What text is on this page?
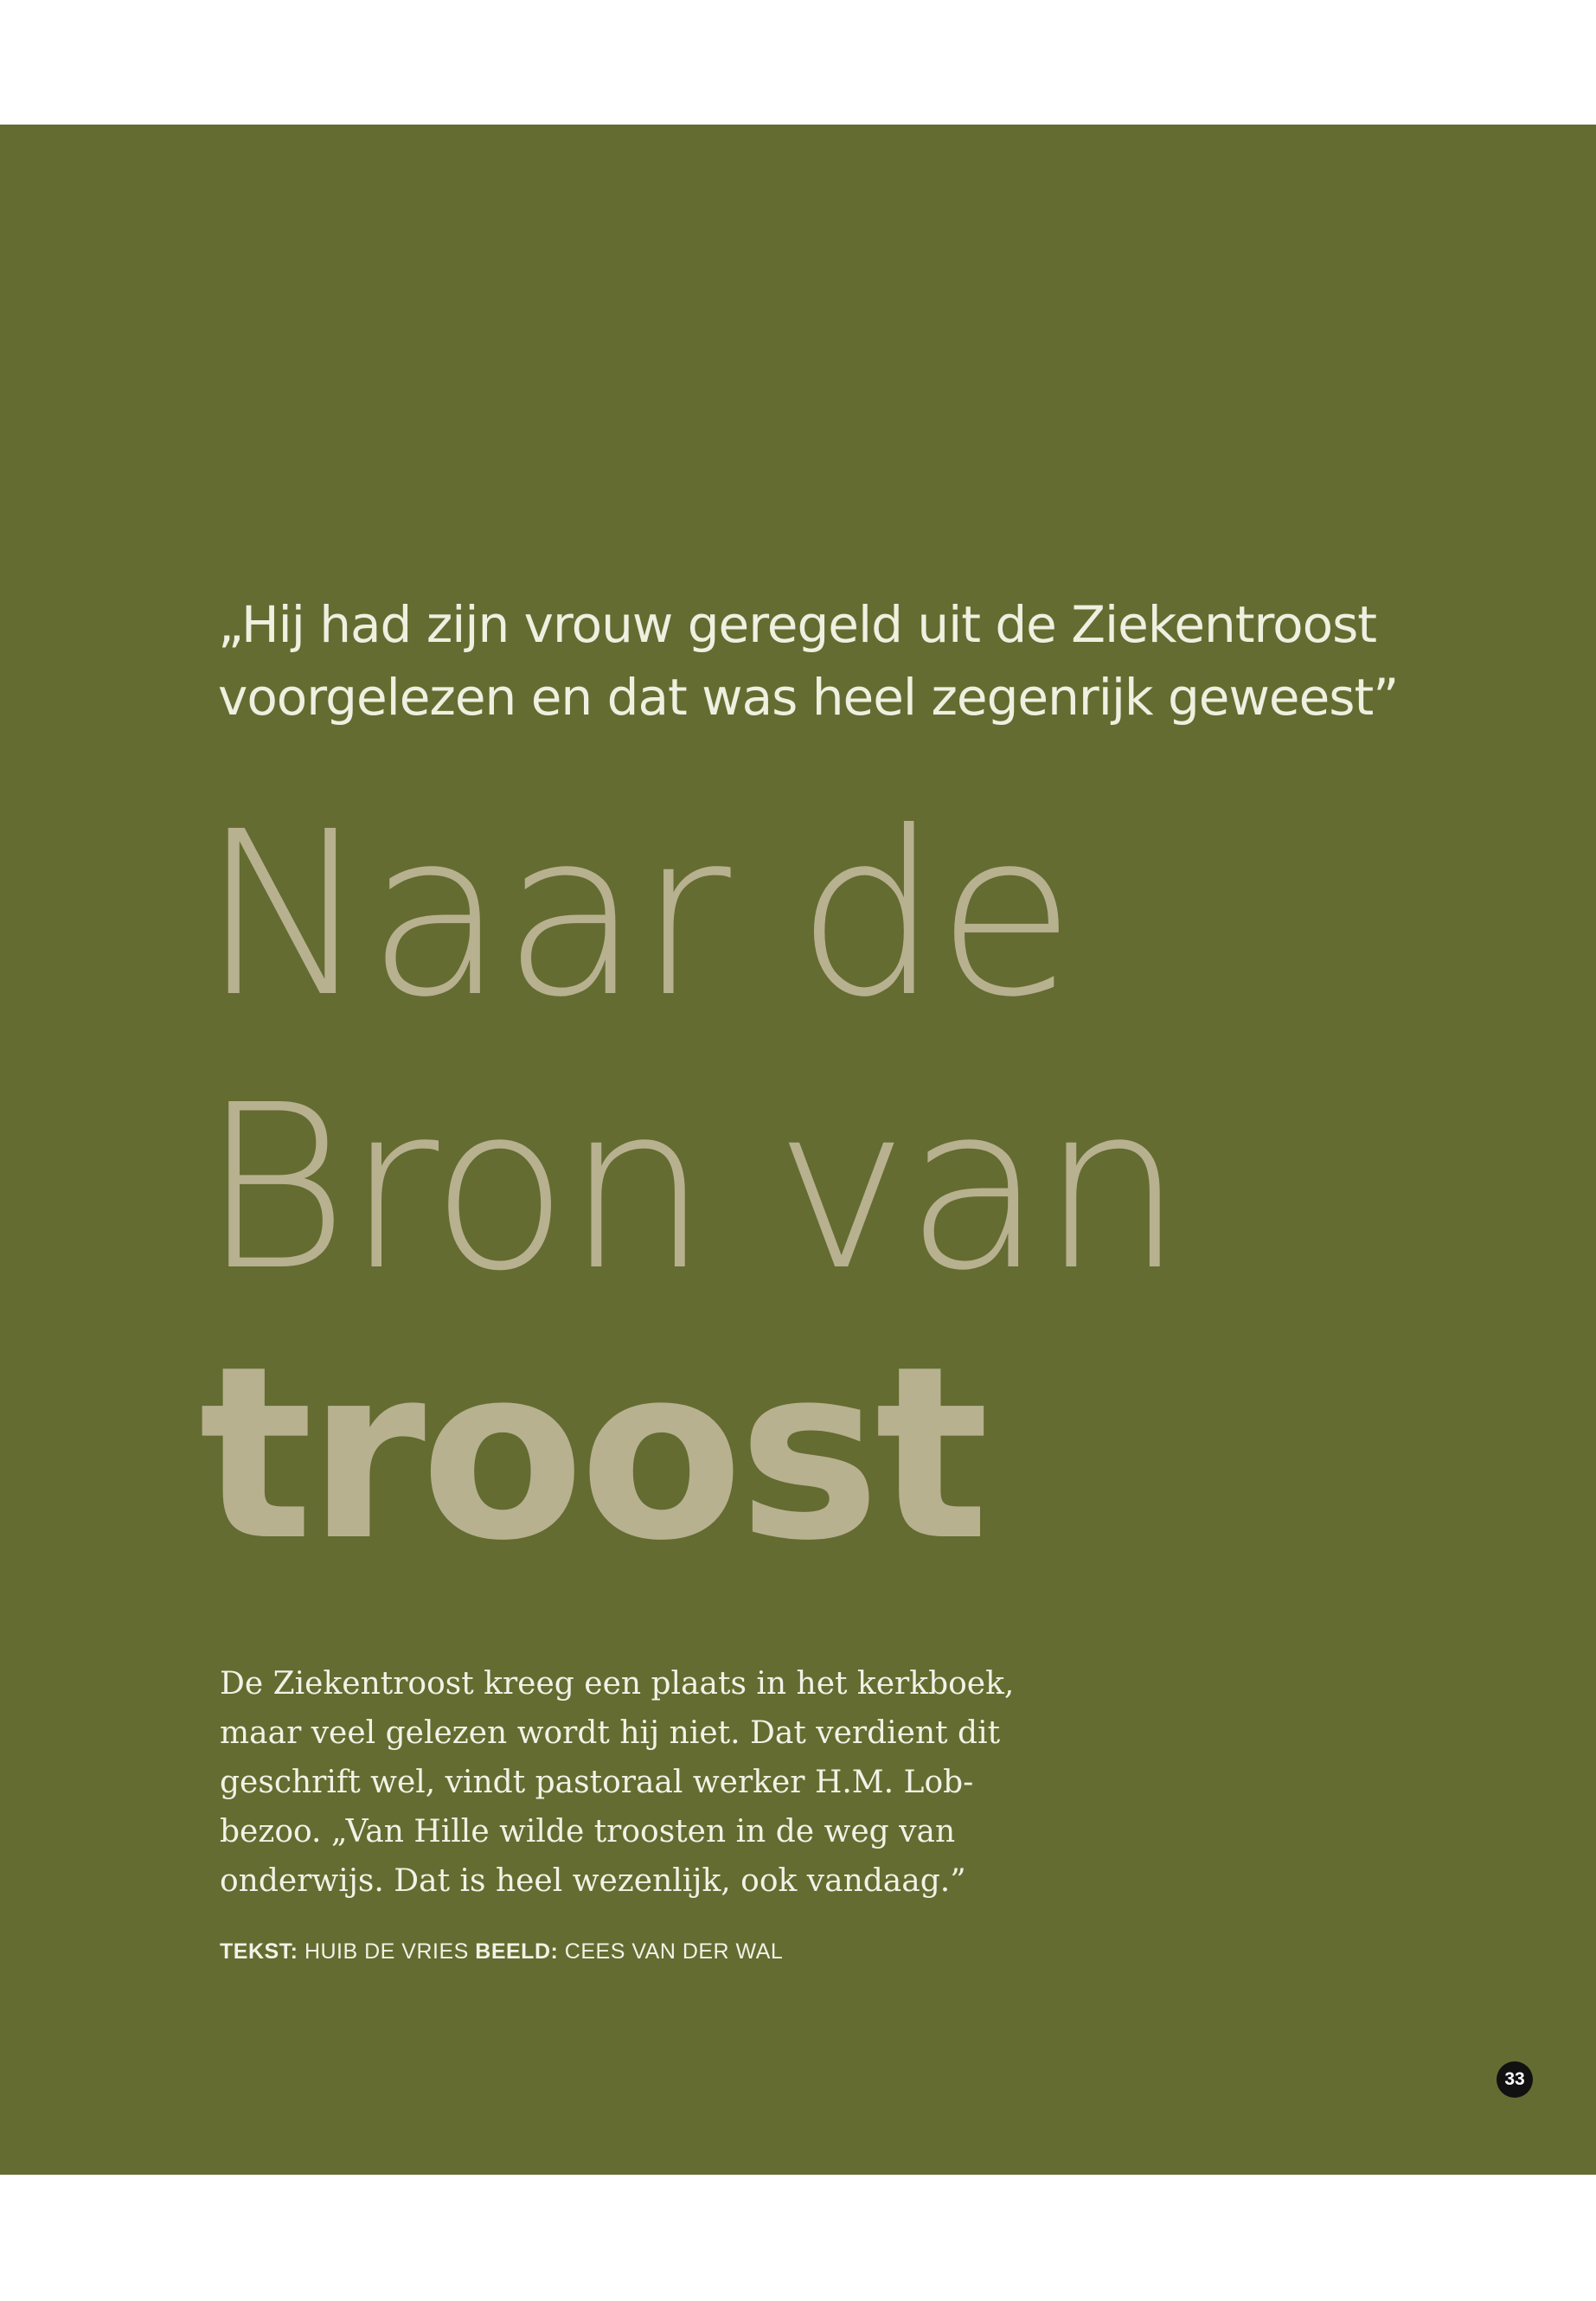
„Hij had zijn vrouw geregeld uit de Ziekentroost
voorgelezen en dat was heel zegenrijk geweest”

Naar de
Bron van
troost

De Ziekentroost kreeg een plaats in het kerkboek,
maar veel gelezen wordt hij niet. Dat verdient dit
geschrift wel, vindt pastoraal werker H.M. Lob-
bezoo. „Van Hille wilde troosten in de weg van
onderwijs. Dat is heel wezenlijk, ook vandaag.”

TEKST: HUIB DE VRIES BEELD: CEES VAN DER WAL

33
